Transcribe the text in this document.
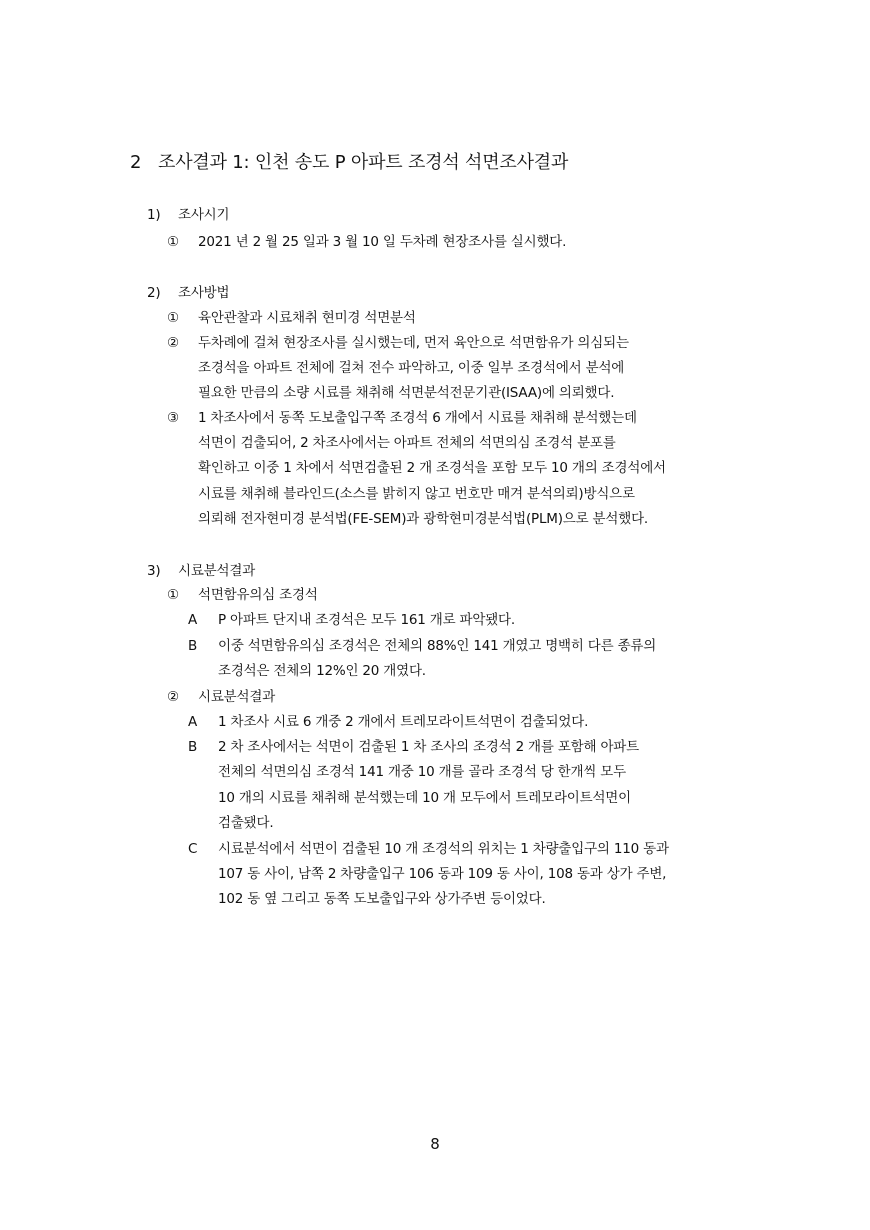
2 조사결과 1: 인천 송도 P 아파트 조경석 석면조사결과
1) 조사시기
① 2021 년 2 월 25 일과 3 월 10 일 두차례 현장조사를 실시했다.
2) 조사방법
① 육안관찰과 시료채취 현미경 석면분석
② 두차례에 걸쳐 현장조사를 실시했는데, 먼저 육안으로 석면함유가 의심되는
조경석을 아파트 전체에 걸쳐 전수 파악하고, 이중 일부 조경석에서 분석에
필요한 만큼의 소량 시료를 채취해 석면분석전문기관(ISAA)에 의뢰했다.
③ 1 차조사에서 동쪽 도보출입구쪽 조경석 6 개에서 시료를 채취해 분석했는데
석면이 검출되어, 2 차조사에서는 아파트 전체의 석면의심 조경석 분포를
확인하고 이중 1 차에서 석면검출된 2 개 조경석을 포함 모두 10 개의 조경석에서
시료를 채취해 블라인드(소스를 밝히지 않고 번호만 매겨 분석의뢰)방식으로
의뢰해 전자현미경 분석법(FE-SEM)과 광학현미경분석법(PLM)으로 분석했다.
3) 시료분석결과
① 석면함유의심 조경석
A P 아파트 단지내 조경석은 모두 161 개로 파악됐다.
B 이중 석면함유의심 조경석은 전체의 88%인 141 개였고 명백히 다른 종류의
조경석은 전체의 12%인 20 개였다.
② 시료분석결과
A 1 차조사 시료 6 개중 2 개에서 트레모라이트석면이 검출되었다.
B 2 차 조사에서는 석면이 검출된 1 차 조사의 조경석 2 개를 포함해 아파트
전체의 석면의심 조경석 141 개중 10 개를 골라 조경석 당 한개씩 모두
10 개의 시료를 채취해 분석했는데 10 개 모두에서 트레모라이트석면이
검출됐다.
C 시료분석에서 석면이 검출된 10 개 조경석의 위치는 1 차량출입구의 110 동과
107 동 사이, 남쪽 2 차량출입구 106 동과 109 동 사이, 108 동과 상가 주변,
102 동 옆 그리고 동쪽 도보출입구와 상가주변 등이었다.
8
